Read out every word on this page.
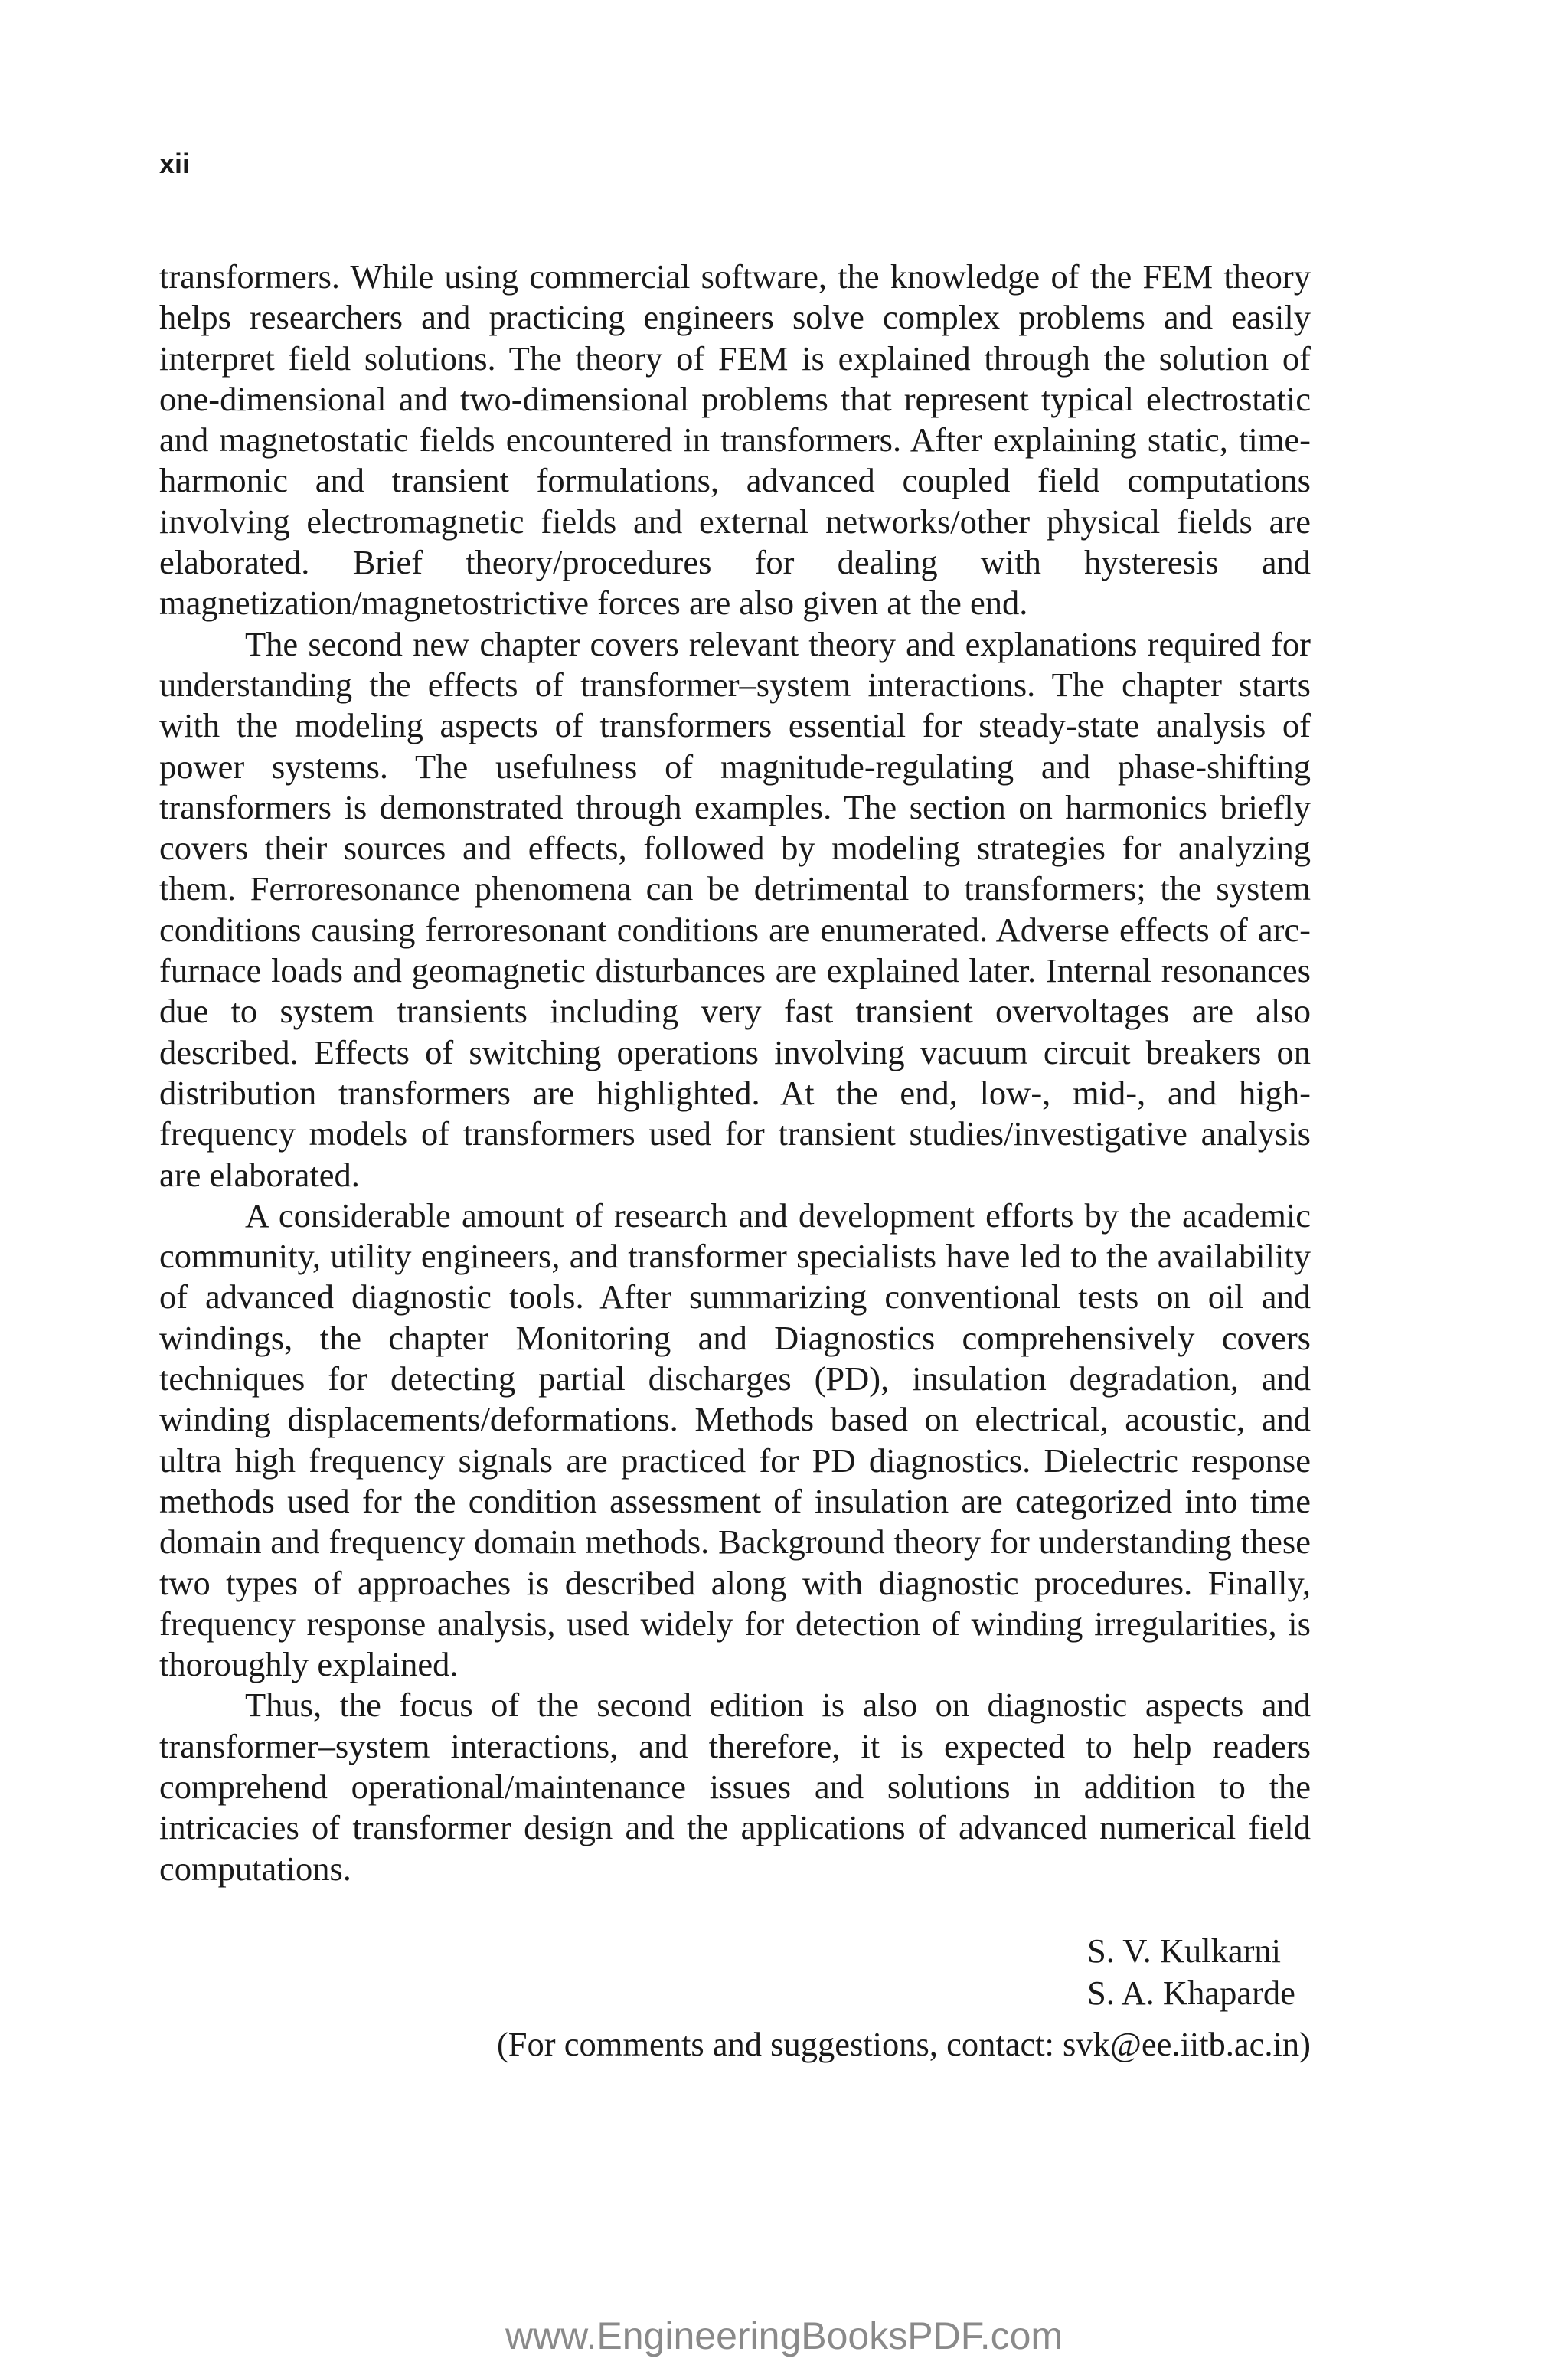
xii

transformers. While using commercial software, the knowledge of the FEM theory helps researchers and practicing engineers solve complex problems and easily interpret field solutions. The theory of FEM is explained through the solution of one-dimensional and two-dimensional problems that represent typical electrostatic and magnetostatic fields encountered in transformers. After explaining static, time-harmonic and transient formulations, advanced coupled field computations involving electromagnetic fields and external networks/other physical fields are elaborated. Brief theory/procedures for dealing with hysteresis and magnetization/magnetostrictive forces are also given at the end.

The second new chapter covers relevant theory and explanations required for understanding the effects of transformer–system interactions. The chapter starts with the modeling aspects of transformers essential for steady-state analysis of power systems. The usefulness of magnitude-regulating and phase-shifting transformers is demonstrated through examples. The section on harmonics briefly covers their sources and effects, followed by modeling strategies for analyzing them. Ferroresonance phenomena can be detrimental to transformers; the system conditions causing ferroresonant conditions are enumerated. Adverse effects of arc-furnace loads and geomagnetic disturbances are explained later. Internal resonances due to system transients including very fast transient overvoltages are also described. Effects of switching operations involving vacuum circuit breakers on distribution transformers are highlighted. At the end, low-, mid-, and high-frequency models of transformers used for transient studies/investigative analysis are elaborated.

A considerable amount of research and development efforts by the academic community, utility engineers, and transformer specialists have led to the availability of advanced diagnostic tools. After summarizing conventional tests on oil and windings, the chapter Monitoring and Diagnostics comprehensively covers techniques for detecting partial discharges (PD), insulation degradation, and winding displacements/deformations. Methods based on electrical, acoustic, and ultra high frequency signals are practiced for PD diagnostics. Dielectric response methods used for the condition assessment of insulation are categorized into time domain and frequency domain methods. Background theory for understanding these two types of approaches is described along with diagnostic procedures. Finally, frequency response analysis, used widely for detection of winding irregularities, is thoroughly explained.

Thus, the focus of the second edition is also on diagnostic aspects and transformer–system interactions, and therefore, it is expected to help readers comprehend operational/maintenance issues and solutions in addition to the intricacies of transformer design and the applications of advanced numerical field computations.

S. V. Kulkarni
S. A. Khaparde
(For comments and suggestions, contact: svk@ee.iitb.ac.in)
www.EngineeringBooksPDF.com
